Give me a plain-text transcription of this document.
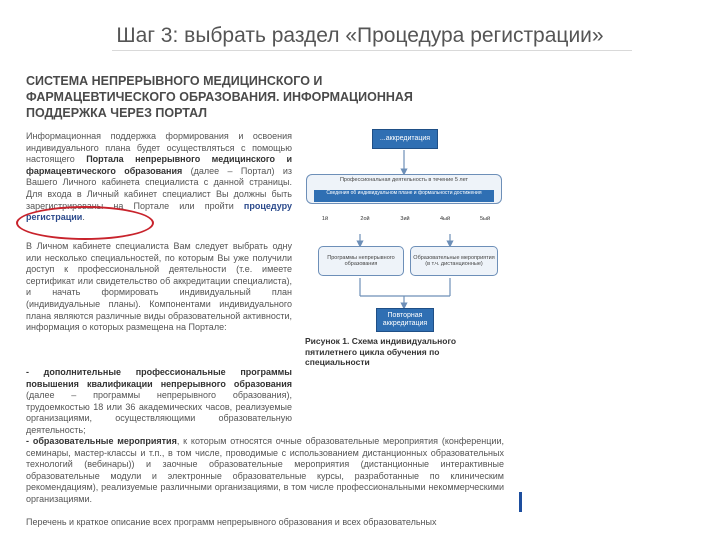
Шаг 3: выбрать раздел «Процедура регистрации»
СИСТЕМА НЕПРЕРЫВНОГО МЕДИЦИНСКОГО И ФАРМАЦЕВТИЧЕСКОГО ОБРАЗОВАНИЯ. ИНФОРМАЦИОННАЯ ПОДДЕРЖКА ЧЕРЕЗ ПОРТАЛ

Информационная поддержка формирования и освоения индивидуального плана будет осуществляться с помощью настоящего Портала непрерывного медицинского и фармацевтического образования (далее – Портал) из Вашего Личного кабинета специалиста с данной страницы. Для входа в Личный кабинет специалист Вы должны быть зарегистрированы на Портале или пройти процедуру регистрации.

В Личном кабинете специалиста Вам следует выбрать одну или несколько специальностей, по которым Вы уже получили доступ к профессиональной деятельности (т.е. имеете сертификат или свидетельство об аккредитации специалиста), и начать формировать индивидуальный план (индивидуальные планы). Компонентами индивидуального плана являются различные виды образовательной активности, информация о которых размещена на Портале:

- дополнительные профессиональные программы повышения квалификации непрерывного образования (далее – программы непрерывного образования), трудоемкостью 18 или 36 академических часов, реализуемые организациями, осуществляющими образовательную деятельность;

- образовательные мероприятия, к которым относятся очные образовательные мероприятия (конференции, семинары, мастер-классы и т.п., в том числе, проводимые с использованием дистанционных образовательных технологий (вебинары)) и заочные образовательные мероприятия (дистанционные интерактивные образовательные модули и электронные образовательные курсы, разработанные по клиническим рекомендациям), реализуемые различными организациями, в том числе профессиональными некоммерческими организациями.

Перечень и краткое описание всех программ непрерывного образования и всех образовательных

...аккредитация
Профессиональная деятельность в течение 5 лет
Сведения об индивидуальном плане и формальности достижения
1й	2ой	3ий	4ый	5ый
Программы непрерывного образования
Образовательные мероприятия (в т.ч. дистанционные)
Повторная аккредитация
Рисунок 1. Схема индивидуального пятилетнего цикла обучения по специальности
